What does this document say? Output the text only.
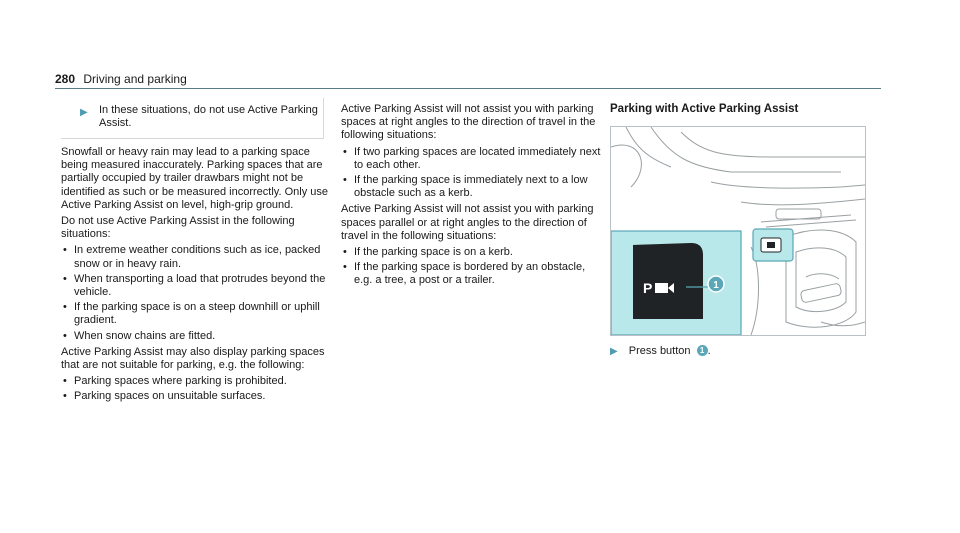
280 Driving and parking
▶ In these situations, do not use Active Parking Assist.

Snowfall or heavy rain may lead to a parking space being measured inaccurately. Parking spaces that are partially occupied by trailer drawbars might not be identified as such or be measured incorrectly. Only use Active Parking Assist on level, high-grip ground.

Do not use Active Parking Assist in the following situations:

• In extreme weather conditions such as ice, packed snow or in heavy rain.
• When transporting a load that protrudes beyond the vehicle.
• If the parking space is on a steep downhill or uphill gradient.
• When snow chains are fitted.

Active Parking Assist may also display parking spaces that are not suitable for parking, e.g. the following:

• Parking spaces where parking is prohibited.
• Parking spaces on unsuitable surfaces.

Active Parking Assist will not assist you with parking spaces at right angles to the direction of travel in the following situations:

• If two parking spaces are located immediately next to each other.
• If the parking space is immediately next to a low obstacle such as a kerb.

Active Parking Assist will not assist you with parking spaces parallel or at right angles to the direction of travel in the following situations:

• If the parking space is on a kerb.
• If the parking space is bordered by an obstacle, e.g. a tree, a post or a trailer.
Parking with Active Parking Assist
P	1
▶ Press button 1 .
